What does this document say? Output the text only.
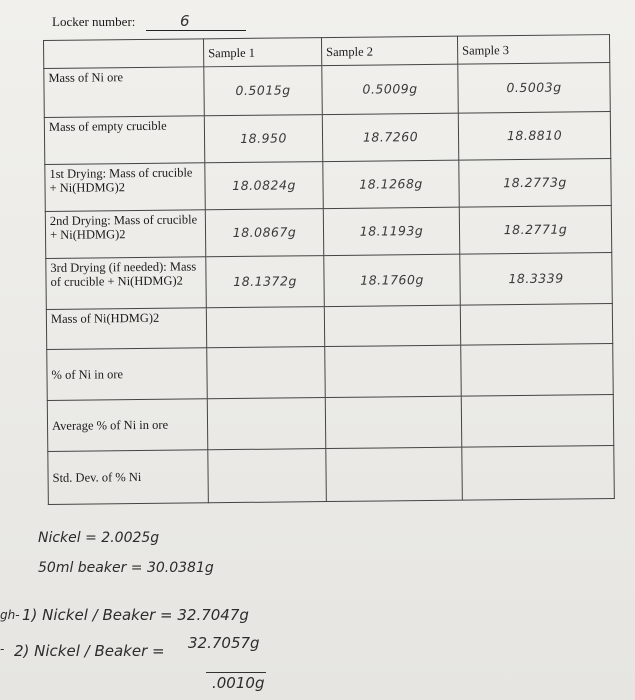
Locker number:	6
	Sample 1	Sample 2	Sample 3
Mass of Ni ore	0.5015g	0.5009g	0.5003g
Mass of empty crucible	18.950	18.7260	18.8810
1st Drying: Mass of crucible + Ni(HDMG)2	18.0824g	18.1268g	18.2773g
2nd Drying: Mass of crucible + Ni(HDMG)2	18.0867g	18.1193g	18.2771g
3rd Drying (if needed): Mass of crucible + Ni(HDMG)2	18.1372g	18.1760g	18.3339
Mass of Ni(HDMG)2			
% of Ni in ore			
Average % of Ni in ore			
Std. Dev. of % Ni			
Nickel = 2.0025g
50ml beaker = 30.0381g
gh- 1) Nickel / Beaker = 32.7047g
- 2) Nickel / Beaker = 32.7057g
.0010g
